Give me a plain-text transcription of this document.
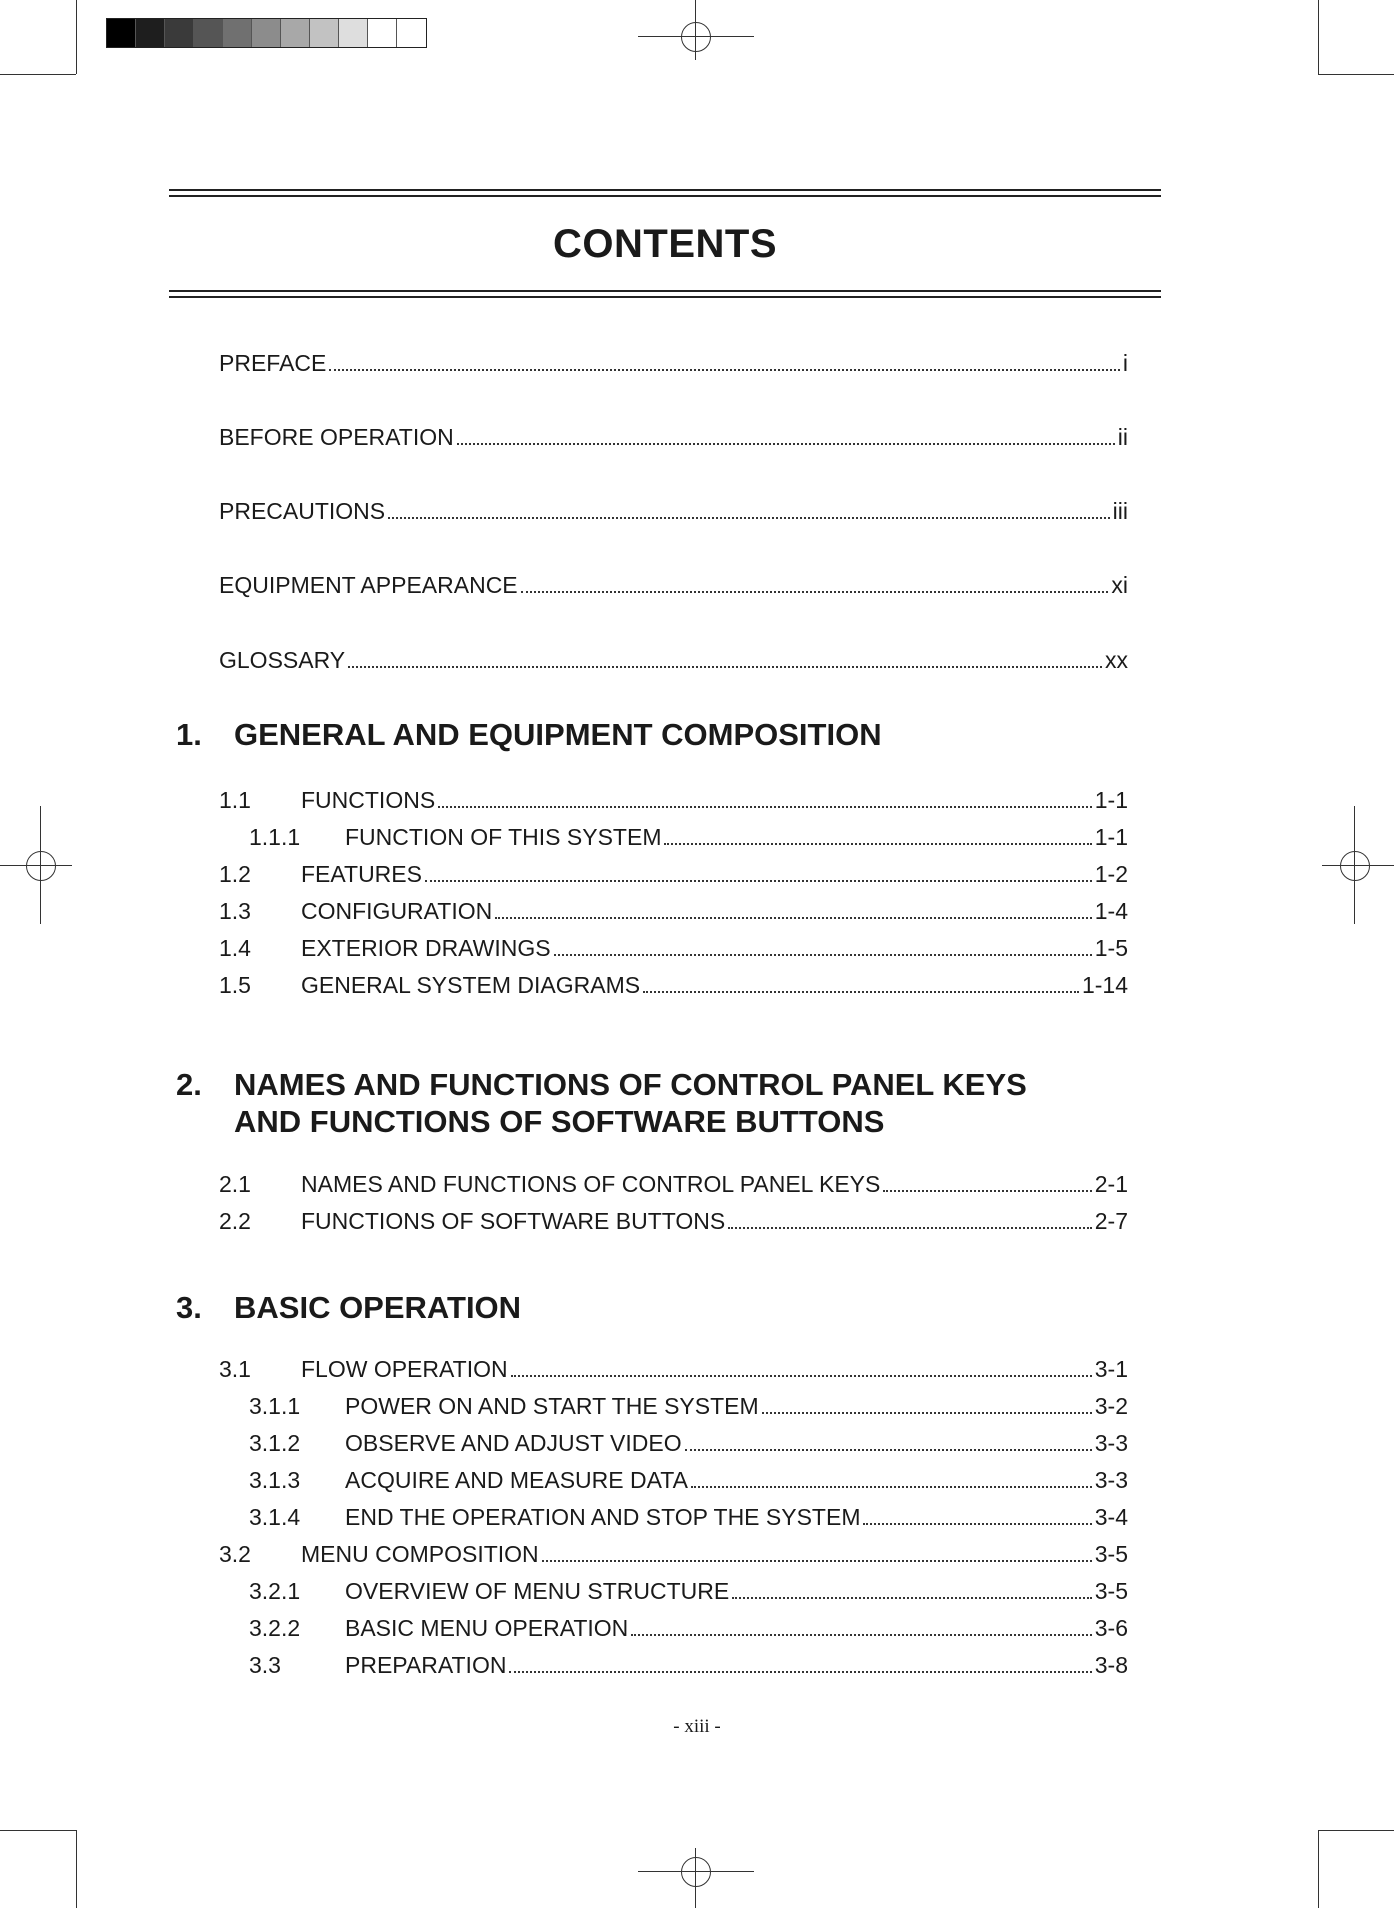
CONTENTS
PREFACE	i
BEFORE OPERATION	ii
PRECAUTIONS	iii
EQUIPMENT APPEARANCE	xi
GLOSSARY	xx
1.	GENERAL AND EQUIPMENT COMPOSITION
1.1	FUNCTIONS	1-1
1.1.1	FUNCTION OF THIS SYSTEM	1-1
1.2	FEATURES	1-2
1.3	CONFIGURATION	1-4
1.4	EXTERIOR DRAWINGS	1-5
1.5	GENERAL SYSTEM DIAGRAMS	1-14
2.	NAMES AND FUNCTIONS OF CONTROL PANEL KEYS
AND FUNCTIONS OF SOFTWARE BUTTONS
2.1	NAMES AND FUNCTIONS OF CONTROL PANEL KEYS	2-1
2.2	FUNCTIONS OF SOFTWARE BUTTONS	2-7
3.	BASIC OPERATION
3.1	FLOW OPERATION	3-1
3.1.1	POWER ON AND START THE SYSTEM	3-2
3.1.2	OBSERVE AND ADJUST VIDEO	3-3
3.1.3	ACQUIRE AND MEASURE DATA	3-3
3.1.4	END THE OPERATION AND STOP THE SYSTEM	3-4
3.2	MENU COMPOSITION	3-5
3.2.1	OVERVIEW OF MENU STRUCTURE	3-5
3.2.2	BASIC MENU OPERATION	3-6
3.3	PREPARATION	3-8
- xiii -
